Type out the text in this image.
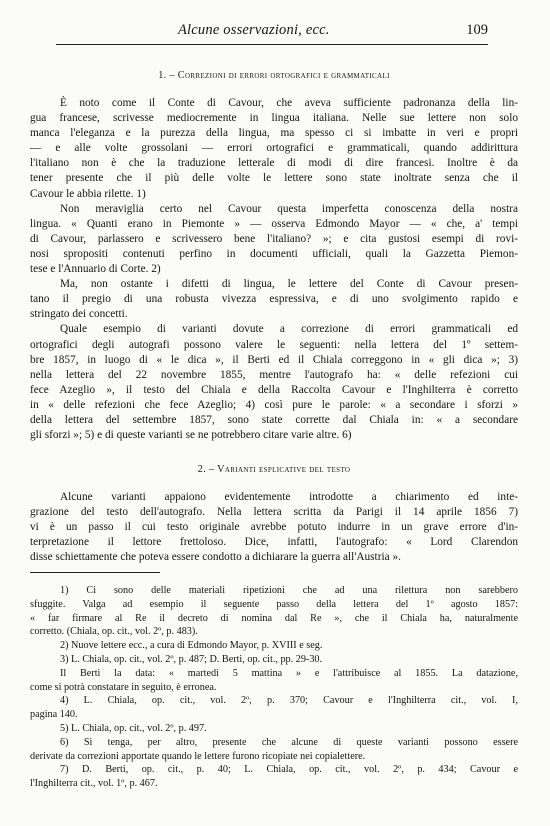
Alcune osservazioni, ecc.	109
1. – Correzioni di errori ortografici e grammaticali
È noto come il Conte di Cavour, che aveva sufficiente padronanza della lin-
gua francese, scrivesse mediocremente in lingua italiana. Nelle sue lettere non solo
manca l'eleganza e la purezza della lingua, ma spesso ci si imbatte in veri e propri
— e alle volte grossolani — errori ortografici e grammaticali, quando addirittura
l'italiano non è che la traduzione letterale di modi di dire francesi. Inoltre è da
tener presente che il più delle volte le lettere sono state inoltrate senza che il
Cavour le abbia rilette. 1)
Non meraviglia certo nel Cavour questa imperfetta conoscenza della nostra
lingua. « Quanti erano in Piemonte » — osserva Edmondo Mayor — « che, a' tempi
di Cavour, parlassero e scrivessero bene l'italiano? »; e cita gustosi esempi di rovi-
nosi spropositi contenuti perfino in documenti ufficiali, quali la Gazzetta Piemon-
tese e l'Annuario di Corte. 2)
Ma, non ostante i difetti di lingua, le lettere del Conte di Cavour presen-
tano il pregio di una robusta vivezza espressiva, e di uno svolgimento rapido e
stringato dei concetti.
Quale esempio di varianti dovute a correzione di errori grammaticali ed
ortografici degli autografi possono valere le seguenti: nella lettera del 1º settem-
bre 1857, in luogo di « le dica », il Berti ed il Chiala correggono in « gli dica »; 3)
nella lettera del 22 novembre 1855, mentre l'autografo ha: « delle refezioni cui
fece Azeglio », il testo del Chiala e della Raccolta Cavour e l'Inghilterra è corretto
in « delle refezioni che fece Azeglio; 4) così pure le parole: « a secondare i sforzi »
della lettera del settembre 1857, sono state corrette dal Chiala in: « a secondare
gli sforzi »; 5) e di queste varianti se ne potrebbero citare varie altre. 6)
2. – Varianti esplicative del testo
Alcune varianti appaiono evidentemente introdotte a chiarimento ed inte-
grazione del testo dell'autografo. Nella lettera scritta da Parigi il 14 aprile 1856 7)
vi è un passo il cui testo originale avrebbe potuto indurre in un grave errore d'in-
terpretazione il lettore frettoloso. Dice, infatti, l'autografo: « Lord Clarendon
disse schiettamente che poteva essere condotto a dichiarare la guerra all'Austria ».
1) Ci sono delle materiali ripetizioni che ad una rilettura non sarebbero
sfuggite. Valga ad esempio il seguente passo della lettera del 1º agosto 1857:
« far firmare al Re il decreto di nomina dal Re », che il Chiala ha, naturalmente
corretto. (Chiala, op. cit., vol. 2º, p. 483).
2) Nuove lettere ecc., a cura di Edmondo Mayor, p. XVIII e seg.
3) L. Chiala, op. cit., vol. 2º, p. 487; D. Berti, op. cit., pp. 29-30.
Il Berti la data: « martedì 5 mattina » e l'attribuisce al 1855. La datazione,
come si potrà constatare in seguito, è erronea.
4) L. Chiala, op. cit., vol. 2º, p. 370; Cavour e l'Inghilterra cit., vol. I,
pagina 140.
5) L. Chiala, op. cit., vol. 2º, p. 497.
6) Si tenga, per altro, presente che alcune di queste varianti possono essere
derivate da correzioni apportate quando le lettere furono ricopiate nei copialettere.
7) D. Berti, op. cit., p. 40; L. Chiala, op. cit., vol. 2º, p. 434; Cavour e
l'Inghilterra cit., vol. 1º, p. 467.
